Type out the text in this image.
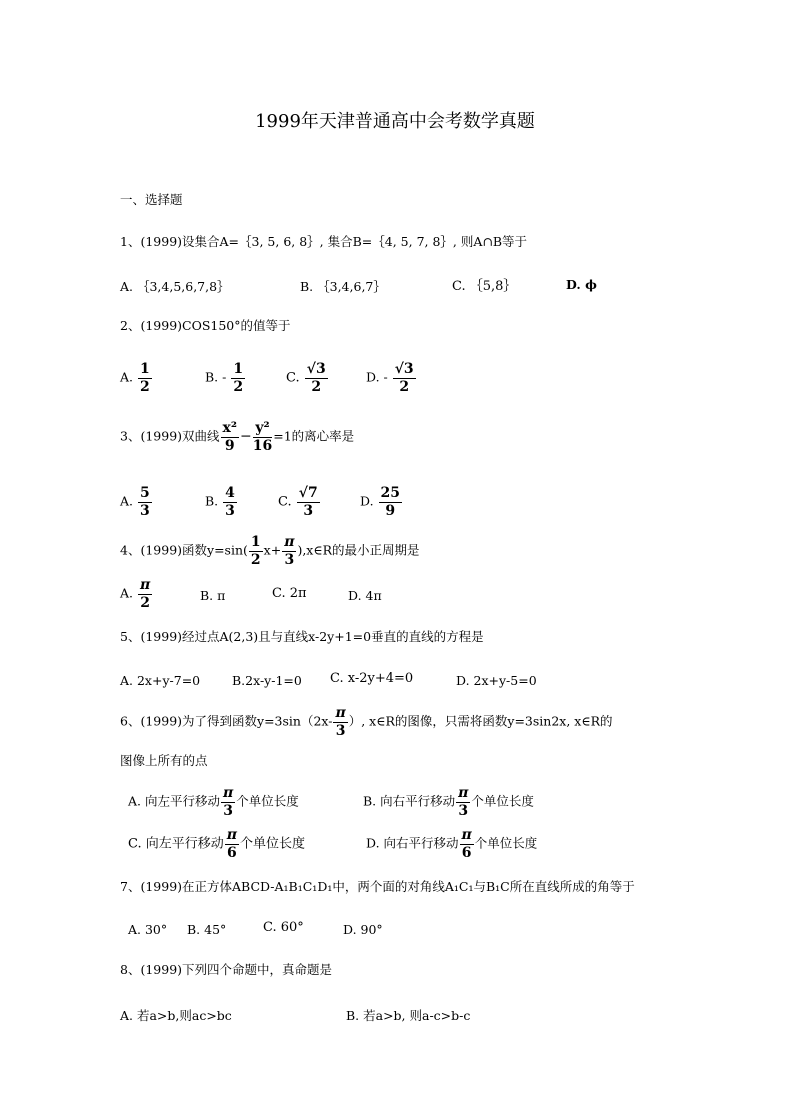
1999年天津普通高中会考数学真题
一、选择题
1、(1999)设集合A=｛3, 5, 6, 8｝, 集合B=｛4, 5, 7, 8｝, 则A∩B等于
A. ｛3,4,5,6,7,8｝	B. ｛3,4,6,7｝	C. ｛5,8｝	D. ϕ
2、(1999)COS150°的值等于
A. $\frac{1}{2}$	B. - $\frac{1}{2}$	C. $\frac{√3}{2}$	D. - $\frac{√3}{2}$
3、(1999)双曲线 $\frac{\text{x²}}{9} - \frac{\text{y²}}{16} =1$的离心率是
A. $\frac{5}{3}$	B. $\frac{4}{3}$	C. $\frac{√7}{3}$	D. $\frac{25}{9}$
4、(1999)函数$y=\sin( \frac{1}{2} x+ \frac{\pi}{3}$ ),x∈R的最小正周期是
A. $\frac{\pi}{2}$	B. π	C. 2π	D. 4π
5、(1999)经过点A(2,3)且与直线x-2y+1=0垂直的直线的方程是
A. 2x+y-7=0	B.2x-y-1=0 C. x-2y+4=0	D. 2x+y-5=0
6、(1999)为了得到函数$y=3\sin(2x- \frac{\pi}{3}$ ）, x∈R的图像，只需将函数y=3sin2x, x∈R的
图像上所有的点
A. 向左平行移动 $\frac{\pi}{3}$ 个单位长度	B. 向右平行移动 $\frac{\pi}{3}$ 个单位长度
C. 向左平行移动 $\frac{\pi}{6}$ 个单位长度	D. 向右平行移动 $\frac{\pi}{6}$ 个单位长度
7、(1999)在正方体ABCD-A₁B₁C₁D₁中，两个面的对角线A₁C₁与B₁C所在直线所成的角等于
A. 30° B. 45°	C. 60°	D. 90°
8、(1999)下列四个命题中，真命题是
A. 若a>b,则ac>bc	B. 若a>b, 则a-c>b-c
